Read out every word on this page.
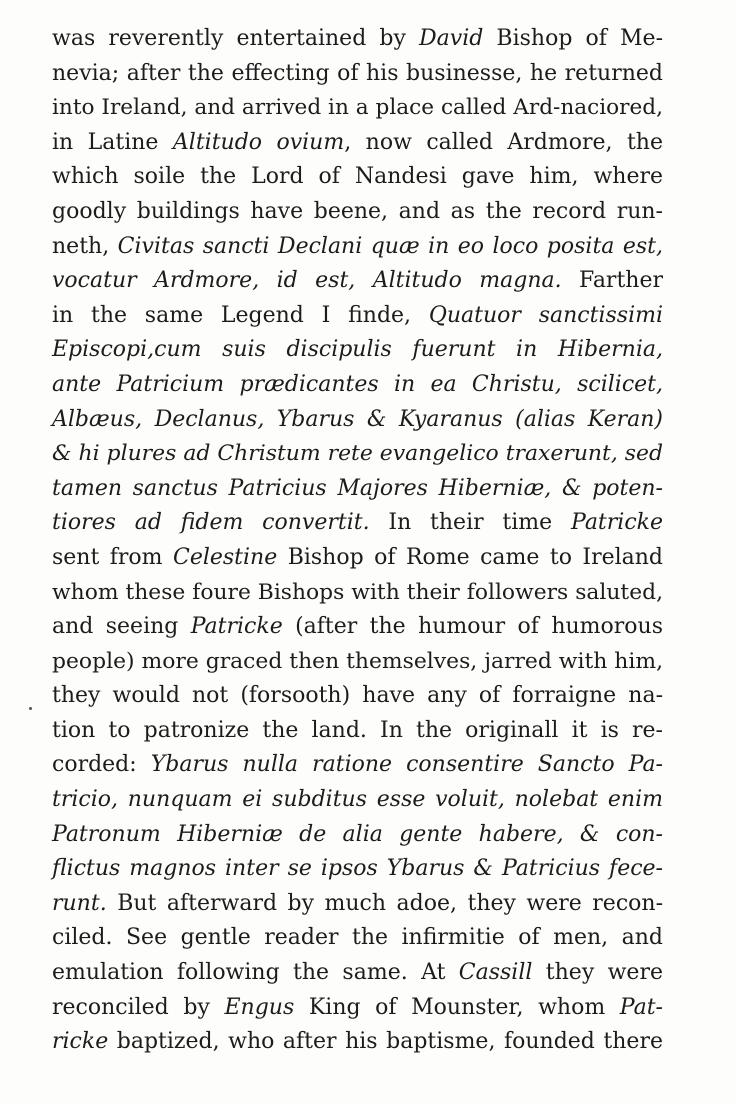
was reverently entertained by David Bishop of Me-
nevia; after the effecting of his businesse, he returned
into Ireland, and arrived in a place called Ard-naciored,
in Latine Altitudo ovium, now called Ardmore, the
which soile the Lord of Nandesi gave him, where
goodly buildings have beene, and as the record run-
neth, Civitas sancti Declani quæ in eo loco posita est,
vocatur Ardmore, id est, Altitudo magna. Farther
in the same Legend I finde, Quatuor sanctissimi
Episcopi,cum suis discipulis fuerunt in Hibernia,
ante Patricium prædicantes in ea Christu, scilicet,
Albæus, Declanus, Ybarus & Kyaranus (alias Keran)
& hi plures ad Christum rete evangelico traxerunt, sed
tamen sanctus Patricius Majores Hiberniæ, & poten-
tiores ad fidem convertit. In their time Patricke
sent from Celestine Bishop of Rome came to Ireland
whom these foure Bishops with their followers saluted,
and seeing Patricke (after the humour of humorous
people) more graced then themselves, jarred with him,
they would not (forsooth) have any of forraigne na-
tion to patronize the land. In the originall it is re-
corded: Ybarus nulla ratione consentire Sancto Pa-
tricio, nunquam ei subditus esse voluit, nolebat enim
Patronum Hiberniæ de alia gente habere, & con-
flictus magnos inter se ipsos Ybarus & Patricius fece-
runt. But afterward by much adoe, they were recon-
ciled. See gentle reader the infirmitie of men, and
emulation following the same. At Cassill they were
reconciled by Engus King of Mounster, whom Pat-
ricke baptized, who after his baptisme, founded there
